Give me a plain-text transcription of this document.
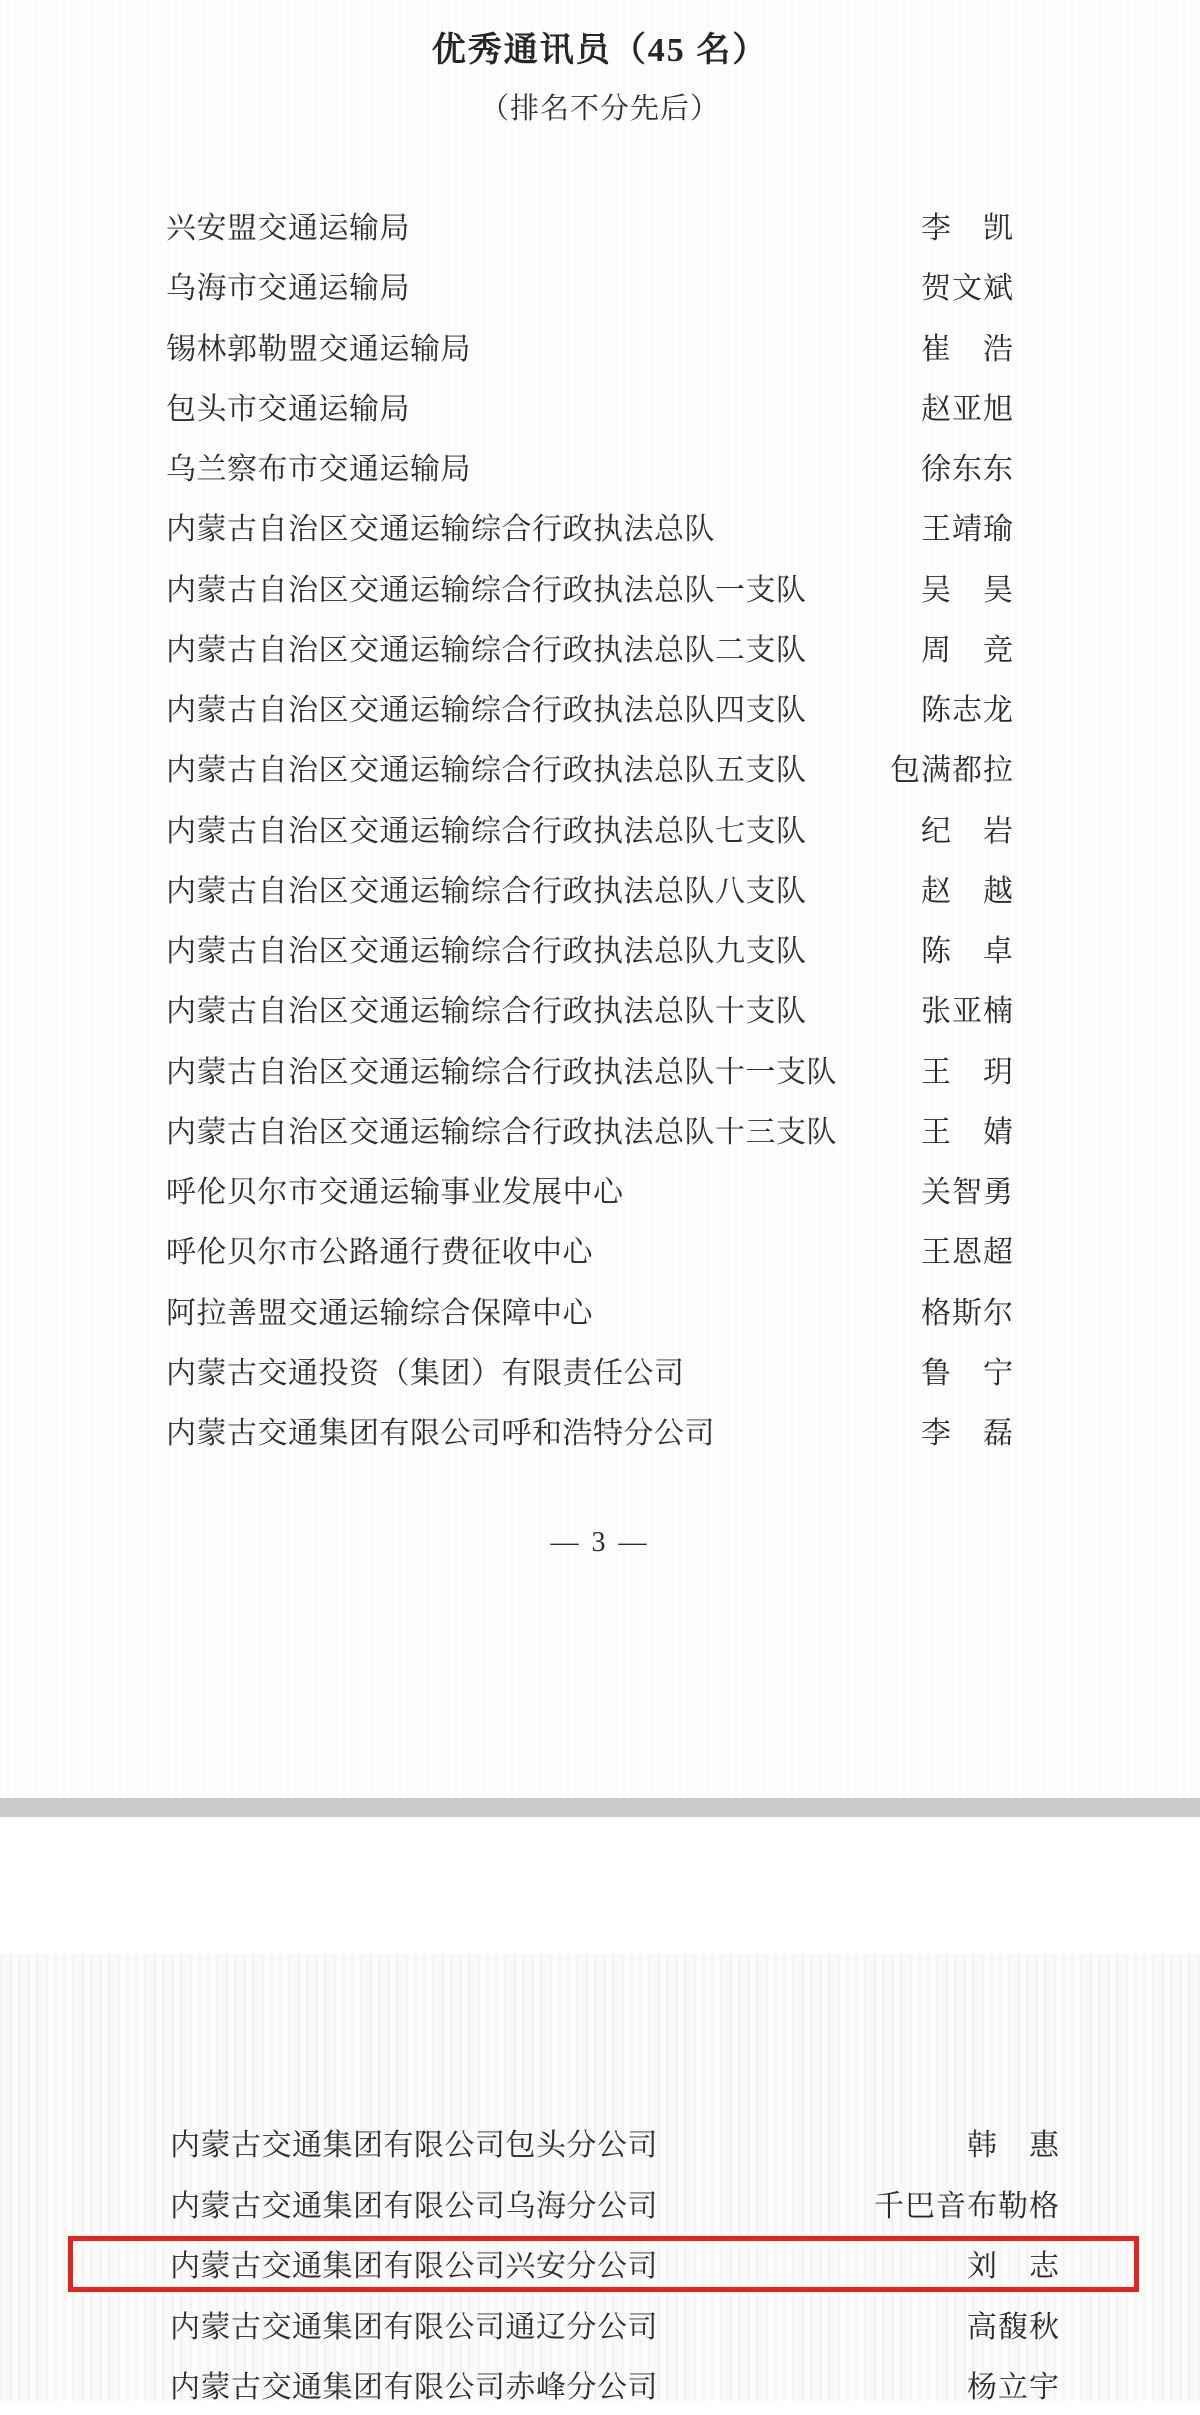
优秀通讯员（45 名）
（排名不分先后）
兴安盟交通运输局	李　凯
乌海市交通运输局	贺文斌
锡林郭勒盟交通运输局	崔　浩
包头市交通运输局	赵亚旭
乌兰察布市交通运输局	徐东东
内蒙古自治区交通运输综合行政执法总队	王靖瑜
内蒙古自治区交通运输综合行政执法总队一支队	吴　昊
内蒙古自治区交通运输综合行政执法总队二支队	周　竞
内蒙古自治区交通运输综合行政执法总队四支队	陈志龙
内蒙古自治区交通运输综合行政执法总队五支队	包满都拉
内蒙古自治区交通运输综合行政执法总队七支队	纪　岩
内蒙古自治区交通运输综合行政执法总队八支队	赵　越
内蒙古自治区交通运输综合行政执法总队九支队	陈　卓
内蒙古自治区交通运输综合行政执法总队十支队	张亚楠
内蒙古自治区交通运输综合行政执法总队十一支队	王　玥
内蒙古自治区交通运输综合行政执法总队十三支队	王　婧
呼伦贝尔市交通运输事业发展中心	关智勇
呼伦贝尔市公路通行费征收中心	王恩超
阿拉善盟交通运输综合保障中心	格斯尔
内蒙古交通投资（集团）有限责任公司	鲁　宁
内蒙古交通集团有限公司呼和浩特分公司	李　磊
— 3 —
内蒙古交通集团有限公司包头分公司	韩　惠
内蒙古交通集团有限公司乌海分公司	千巴音布勒格
内蒙古交通集团有限公司兴安分公司	刘　志
内蒙古交通集团有限公司通辽分公司	高馥秋
内蒙古交通集团有限公司赤峰分公司	杨立宇
